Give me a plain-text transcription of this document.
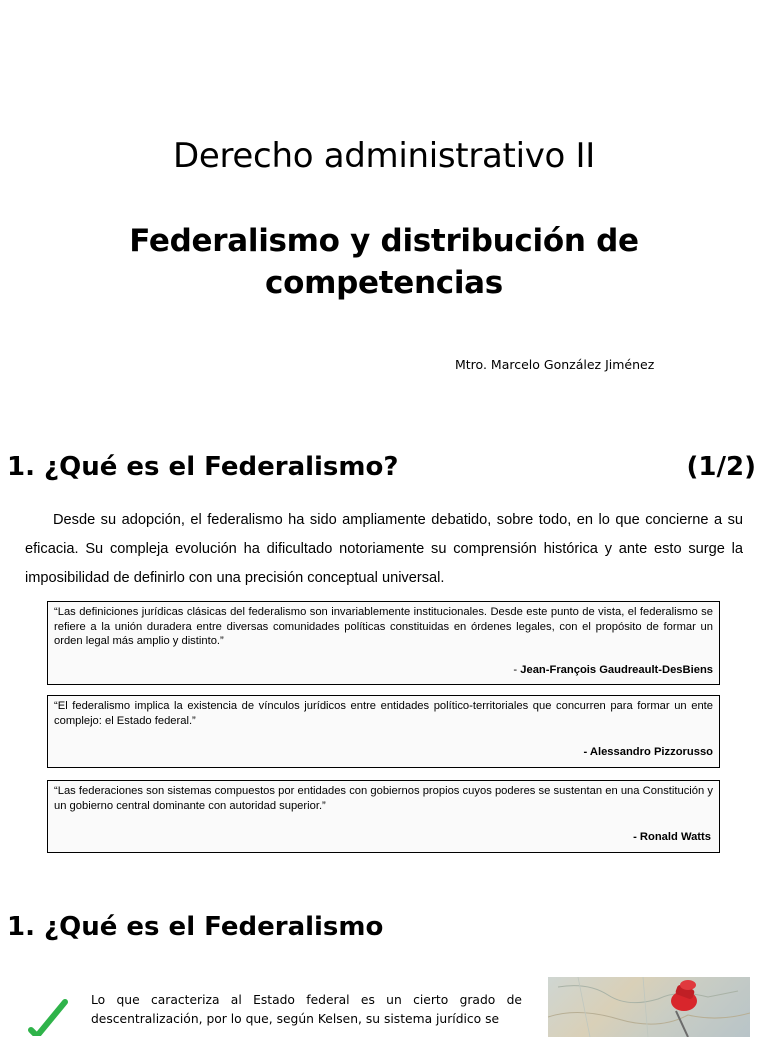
Derecho administrativo II
Federalismo y distribución de
competencias
Mtro. Marcelo González Jiménez
1. ¿Qué es el Federalismo?	(1/2)
Desde su adopción, el federalismo ha sido ampliamente debatido, sobre todo, en lo que concierne a su eficacia. Su compleja evolución ha dificultado notoriamente su comprensión histórica y ante esto surge la imposibilidad de definirlo con una precisión conceptual universal.
“Las definiciones jurídicas clásicas del federalismo son invariablemente institucionales. Desde este punto de vista, el federalismo se refiere a la unión duradera entre diversas comunidades políticas constituidas en órdenes legales, con el propósito de formar un orden legal más amplio y distinto.”
- Jean-François Gaudreault-DesBiens
“El federalismo implica la existencia de vínculos jurídicos entre entidades político-territoriales que concurren para formar un ente complejo: el Estado federal.”
- Alessandro Pizzorusso
“Las federaciones son sistemas compuestos por entidades con gobiernos propios cuyos poderes se sustentan en una Constitución y un gobierno central dominante con autoridad superior.”
- Ronald Watts
1. ¿Qué es el Federalismo
Lo que caracteriza al Estado federal es un cierto grado de descentralización, por lo que, según Kelsen, su sistema jurídico se
